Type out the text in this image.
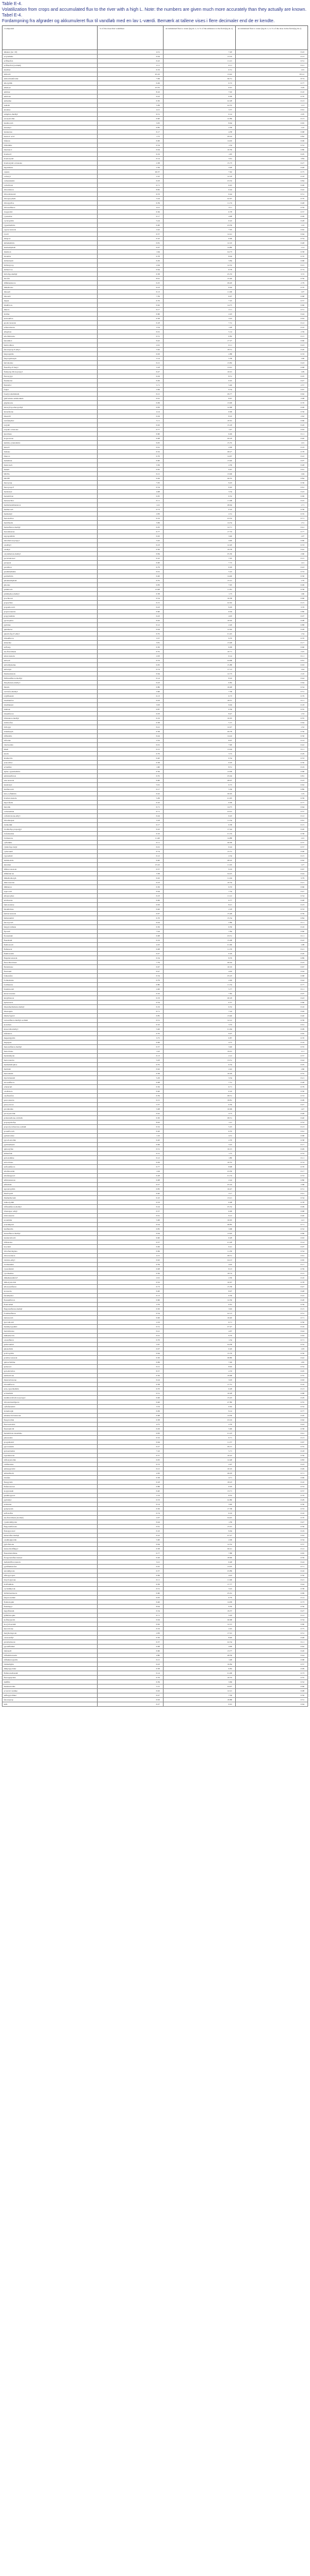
Table E-4.

Volatilization from crops and accumulated flux to the river with a high L. Note: the numbers are given much more accurately than they actually are known.

Tabel E-4.

Fordampning fra afgrøder og akkumuleret flux til vandløb med en lav L-værdi. Bemærk at tallene vises i flere decimaler end de er kendte.

Compound	% of the dose that volatilises	Accumulated flux to water (kg m-1, ca % of the emission to the field (kg m-1)	Accumulated flux to water (kg m-1, ca % of the dose in the field (kg m-1)
alkanes (tec 10)	4.51	7.20	0.22
acrylamide	0.04	13.19	0.13
acifluorfen	0.22	11.21	0.51
acifluorfen (sodium)	2.11	0.11	0.21
alachlor	0.19	0.51	1.01
aldicarb	45.16	13.42	63.12
aldicarbsulfoxide	7.09	26.51	8.74
alloxydim	0.49	0.72	0.77
ametryn	23.35	0.91	3.29
amitraz	8.16	7.02	0.10
amitrole	0.43	0.09	0.70
anilazine	0.50	22.28	0.13
asulam	5.09	22.55	1.13
atrazine	4.21	3.57	0.61
azinphos-methyl	6.31	0.14	2.05
azoxystrobin	0.90	12.89	6.13
bendiocarb	3.05	8.64	0.65
benomyl	0.85	2.58	1.10
bentazone	0.17	4.58	0.68
benzoic acid	1.72	29.24	0.82
bifenox	0.06	14.02	0.06
bifenthrin	0.54	1.34	0.52
bitertanol	0.04	10.59	0.80
bromacil	0.19	1.95	0.05
bromoxynil	0.14	3.61	3.84
bromoxynil octanoate	2.38	15.73	6.27
bupirimate	2.56	3.28	0.48
captan	26.37	7.62	0.75
carbaryl	2.10	12.18	0.18
carbendazim	0.03	23.32	0.84
carbofuran	0.71	6.45	0.06
chloridazon	8.82	0.44	0.42
chlorothalonil	6.53	0.44	0.51
chlorpropham	5.24	22.67	0.70
chlorpyrifos	6.59	11.74	0.48
chlorsulfuron	4.21	3.11	0.59
clopyralid	0.36	0.78	0.37
cyanazine	0.17	4.98	0.09
cycloxydim	5.24	0.22	0.28
cypermethrin	0.00	23.59	1.16
cyproconazole	2.42	7.05	0.62
2,4-D	0.57	12.41	0.64
dalapon	0.10	0.96	0.54
deltamethrin	0.81	12.10	0.48
desmedipham	0.07	14.80	1.14
diazinon	1.64	24.73	0.58
dicamba	0.78	8.04	0.70
dichlobenil	0.29	3.84	0.68
dichlorprop	2.94	12.52	0.01
dichlorvos	0.64	8.78	0.74
diclofop-methyl	0.58	25.53	3.72
dicofol	8.61	15.46	0.56
diflubenzuron	0.25	29.20	2.79
dimethoate	6.23	0.94	0.70
dinoseb	0.13	11.06	1.07
dinoterb	7.59	6.97	0.68
diquat	0.76	7.25	0.57
disulfoton	0.62	14.75	0.66
diuron	9.17	2.11	0.51
dodine	0.66	2.43	0.44
endosulfan	0.58	3.43	0.63
epoxiconazole	0.18	7.31	0.12
esfenvalerate	3.54	1.28	0.10
ethephon	0.01	5.14	2.59
ethofumesate	0.51	0.82	0.15
fenarimol	9.42	17.27	0.60
fenitrothion	2.91	0.11	0.43
fenoxaprop-P-ethyl	5.62	18.31	0.20
fenpropidin	0.63	2.88	0.33
fenpropimorph	2.14	5.58	1.06
fenvalerate	0.21	13.82	0.43
fluazifop-P-butyl	3.18	13.91	0.68
flamprop-M-isopropyl	0.47	16.91	1.09
fluroxypyr	6.04	8.51	0.05
flusilazole	0.49	0.45	0.47
flutriafol	5.71	5.46	2.57
folpet	2.99	9.54	0.67
fosetyl-aluminium	0.21	29.77	0.62
glufosinate-ammonium	0.61	8.67	2.08
glyphosate	0.09	13.00	0.70
haloxyfop-ethoxyethyl	0.83	12.68	0.06
hexazinone	4.14	6.96	0.56
imazalil	0.04	8.10	2.62
iodofenphos	5.11	10.61	0.66
ioxynil	0.02	15.18	0.20
ioxynil octanoate	0.77	1.47	0.63
iprodione	0.60	6.49	0.11
isoproturon	0.08	29.18	0.40
lambda-cyhalothrin	9.95	15.35	1.01
lenacil	0.61	2.09	0.19
lindane	6.32	28.27	0.78
linuron	0.76	14.67	0.22
malathion	0.90	13.40	0.07
mancozeb	3.36	2.39	0.48
maneb	0.65	9.67	0.61
MCPA	0.21	13.06	1.94
MCPB	0.49	26.35	0.84
mecoprop	7.05	9.43	0.36
mecoprop-P	0.54	0.92	0.61
metalaxyl	4.08	3.34	0.43
metamitron	0.95	0.52	0.69
metazachlor	0.11	11.08	0.22
methabenzthiazuron	1.41	28.64	1.71
methiocarb	0.73	0.10	0.58
methomyl	2.83	2.31	0.35
metolachlor	0.19	23.32	0.71
metribuzin	3.69	14.54	1.51
metsulfuron-methyl	0.05	12.71	0.41
monolinuron	0.77	17.53	0.77
napropamide	0.02	3.46	1.07
nitrothal-isopropyl	5.42	4.40	0.60
oxadixyl	0.23	12.20	0.33
oxamyl	0.30	19.78	0.42
oxydemeton-methyl	0.84	25.30	2.60
paclobutrazol	0.10	7.05	0.15
paraquat	0.00	7.72	1.41
parathion	6.79	0.29	0.43
pendimethalin	0.01	5.22	0.53
permethrin	0.46	14.46	0.36
phenmedipham	0.35	15.21	1.70
phorate	0.83	7.95	0.06
pirimicarb	13.48	11.81	0.58
pirimiphos-methyl	0.58	1.73	1.60
prochloraz	0.54	16.38	0.66
propachlor	0.15	22.62	0.15
propamocarb	0.43	9.29	3.76
propiconazole	0.90	6.04	0.80
propyzamide	0.43	4.93	0.07
pyrazophos	6.02	10.02	0.08
pyridate	0.12	2.26	0.88
quinmerac	0.04	12.62	0.28
quizalofop-P-ethyl	0.55	21.45	1.54
rimsulfuron	3.37	9.70	0.70
simazine	3.81	13.48	0.17
sulfotep	0.30	6.09	0.60
tau-fluvalinate	0.55	10.71	2.45
tebuconazole	2.93	0.14	0.11
terbacil	0.53	24.68	0.61
terbuthylazine	0.05	15.88	0.63
terbutryn	0.74	17.13	1.44
thiabendazole	0.64	12.73	2.10
thifensulfuron-methyl	0.14	8.16	0.44
thiophanate-methyl	0.43	6.82	0.64
thiram	0.86	16.48	0.34
tolclofos-methyl	2.96	7.58	0.51
tolylfluanid	0.13	0.73	0.79
triadimefon	0.03	18.57	0.11
triadimenol	3.93	9.94	0.18
triallate	0.87	0.59	0.35
triasulfuron	0.03	8.47	1.53
tribenuron-methyl	0.19	10.05	0.35
trichlorfon	0.58	5.15	0.64
triclopyr	0.41	12.47	1.52
tridemorph	0.58	29.78	0.56
trifluralin	0.44	14.24	0.56
triforine	2.32	8.07	0.14
vinclozolin	0.01	7.90	0.42
zineb	0.15	13.04	0.11
ziram	0.76	3.72	0.29
abamectin	0.40	0.54	0.53
acetochlor	0.58	0.03	0.50
aclonifen	1.60	8.51	0.19
alpha-cypermethrin	0.56	13.09	0.68
amidosulfuron	0.55	25.04	0.81
azaconazole	0.90	28.07	0.23
benalaxyl	5.91	0.72	0.62
benfuracarb	0.17	5.36	0.89
beta-cyfluthrin	0.42	20.05	1.19
bromuconazole	5.09	21.95	0.39
buprofezin	0.10	0.09	0.77
butralin	0.71	14.75	0.64
carbetamide	0.71	23.01	0.37
carfentrazone-ethyl	0.44	0.43	0.12
chlormequat	3.18	11.34	0.61
clethodim	0.17	0.38	0.15
clodinafop-propargyl	9.10	17.44	0.20
clofentezine	0.16	21.33	0.58
clomazone	11.46	14.88	1.01
cyfluthrin	0.11	26.09	0.37
cyhalofop-butyl	0.01	0.24	0.57
cymoxanil	0.74	15.51	0.06
cyprodinil	0.12	2.34	0.15
daminozide	0.40	28.10	0.62
dazomet	15.22	11.02	1.27
difenoconazole	0.57	9.19	0.67
diflufenican	3.38	24.25	0.44
dimethomorph	0.02	11.04	3.79
diniconazole	0.23	10.34	0.21
dithianon	0.36	6.33	0.66
esprocarb	0.04	7.54	0.47
ethoprophos	0.23	11.12	0.54
etridiazole	0.06	0.77	0.48
famoxadone	0.63	8.21	0.23
fenamidone	0.46	2.18	0.33
fenbuconazole	0.97	15.48	0.59
fenhexamid	0.76	15.54	0.84
fenoxycarb	6.44	2.89	0.11
fenpyroximate	0.56	6.56	0.16
fipronil	7.44	7.84	0.60
florasulam	0.08	23.51	0.11
fluazinam	0.19	15.08	0.22
fludioxonil	4.10	21.66	1.08
flufenacet	0.08	11.76	0.21
flumioxazin	0.47	0.29	0.20
fluquinconazole	0.34	8.76	0.89
flurochloridone	7.79	26.44	0.23
flurtamone	0.67	10.19	0.67
flutolanil	0.47	4.63	0.04
fomesafen	0.54	25.23	0.68
formetanate	0.79	2.49	0.44
fosthiazate	0.80	11.54	0.77
furathiocarb	2.00	5.77	0.11
hexaconazole	0.16	7.82	0.07
hexythiazox	0.33	20.18	0.43
hymexazol	0.54	0.57	0.66
imazamethabenz-methyl	0.19	6.52	0.16
imazaquin	6.71	7.24	0.49
imidacloprid	0.85	13.46	0.40
iodosulfuron-methyl-sodium	0.31	12.12	0.39
isoxaben	0.10	3.53	0.61
kresoxim-methyl	5.46	21.64	0.09
lufenuron	0.70	9.07	0.65
mepanipyrim	3.75	0.87	0.70
mepiquat	0.06	4.75	0.19
mesosulfuron-methyl	0.57	3.46	0.55
mesotrione	1.22	19.91	1.11
metaldehyde	0.13	2.12	0.37
metconazole	5.93	13.51	0.44
methamidophos	0.35	6.34	0.05
metiram	0.62	2.42	1.66
metosulam	0.38	16.29	0.55
myclobutanil	5.29	3.34	0.21
nicosulfuron	0.08	7.51	0.28
orbencarb	0.56	6.71	0.79
oxadiazon	0.46	0.16	0.30
oxyfluorfen	6.59	28.51	0.53
penconazole	0.15	18.81	0.09
pencycuron	5.57	6.56	0.47
picolinafen	5.08	10.99	1.47
picoxystrobin	0.42	4.73	0.48
prohexadione-calcium	0.30	28.51	0.40
propaquizafop	8.02	1.21	0.53
propoxycarbazone-sodium	0.52	5.25	0.13
prosulfocarb	0.26	0.35	0.61
pymetrozine	1.16	4.31	0.68
pyraclostrobin	0.20	2.70	0.38
pyrimethanil	0.06	3.22	0.17
quinoxyfen	0.51	16.15	0.49
silthiofam	0.15	1.75	0.53
spiroxamine	0.12	1.80	0.11
sulcotrione	0.29	10.55	0.74
sulfosulfuron	0.77	8.98	0.70
tebufenozide	1.94	23.30	0.17
tebufenpyrad	0.28	21.74	0.53
teflubenzuron	0.08	2.24	0.86
tefluthrin	0.27	25.24	2.68
tepraloxydim	0.85	16.47	0.51
thiacloprid	6.40	3.17	0.41
thiamethoxam	0.10	13.21	0.34
tralkoxydim	0.33	0.08	0.78
triflusulfuron-methyl	0.24	25.52	0.09
trinexapac-ethyl	0.37	6.96	0.68
triticonazole	0.61	9.12	0.40
zoxamide	5.06	10.95	1.21
acetamiprid	0.24	28.85	0.71
benfluralin	0.85	3.68	0.52
bensulfuron-methyl	0.04	13.92	0.66
bentiavalicarb	6.60	0.28	0.63
bifenazate	0.37	21.28	0.14
boscalid	0.06	0.41	0.07
chlorfenvinphos	0.69	11.30	0.54
chlorotoluron	4.15	28.51	0.61
cinidon-ethyl	0.92	24.13	0.65
clothianidin	0.59	4.02	0.17
cyazofamid	0.08	8.13	0.59
cyromazine	0.56	18.74	0.15
dimethenamid-P	2.91	2.30	0.10
dimoxystrobin	0.52	10.67	0.78
ethoxysulfuron	0.73	15.58	0.47
etoxazole	9.00	8.97	0.48
fenamiphos	0.13	6.39	0.22
flazasulfuron	0.66	12.56	0.26
flonicamid	3.76	0.61	0.59
flupyrsulfuron-methyl	0.30	3.92	0.15
foramsulfuron	0.54	22.13	0.31
indoxacarb	0.06	16.40	0.71
iprovalicarb	2.19	6.71	0.56
mandipropamid	0.31	27.47	0.16
metrafenone	0.41	4.67	0.44
milbemectin	0.01	9.76	0.63
oxasulfuron	0.76	1.34	0.71
pethoxamid	5.67	24.38	0.32
phenothrin	0.07	0.20	1.03
profoxydim	0.64	15.76	0.56
prothioconazole	0.30	28.80	0.42
quinoclamine	0.69	7.49	1.65
spinosad	0.21	8.92	0.52
spirodiclofen	8.57	2.33	0.05
tembotrione	0.56	19.68	0.35
thiencarbazone	0.24	3.03	0.63
tritosulfuron	0.58	17.51	0.16
zeta-cypermethrin	6.70	6.28	0.13
acrinathrin	0.31	10.28	0.68
benthiavalicarb-isopropyl	0.06	15.43	0.29
chlorantraniliprole	0.46	27.80	0.55
cyflufenamid	3.33	0.62	0.52
dodemorph	0.09	9.14	0.77
emamectin benzoate	0.68	14.36	0.20
fluopicolide	0.38	23.19	0.62
fluoxastrobin	4.75	2.76	0.43
flutolanil-M	0.29	5.90	0.58
metamitron-desamino	0.83	21.23	0.41
pinoxaden	0.52	0.71	0.13
proquinazid	0.64	11.37	0.67
pyroxsulam	0.27	29.15	0.55
spirotetramat	7.16	5.71	0.18
topramezone	0.57	16.22	0.36
trifloxystrobin	0.05	12.48	0.83
valifenalate	0.72	2.97	0.23
aminopyralid	0.21	10.10	0.49
amisulbrom	4.30	26.03	0.71
bixafen	0.58	4.71	0.69
fluopyram	0.18	18.23	0.10
flufenoxuron	0.88	0.93	0.53
isopyrazam	0.40	13.71	0.57
penthiopyrad	5.53	8.35	0.76
pyridalyl	0.53	22.80	0.29
sedaxane	0.14	3.40	0.50
spinetoram	0.36	17.38	0.53
sulfoxaflor	0.74	6.19	0.16
tau-fluvalinate (isomer)	2.07	24.45	0.70
cyantraniliprole	0.44	1.39	0.47
flupyradifurone	0.61	15.91	0.56
fluxapyroxad	0.16	9.64	0.19
halauxifen-methyl	0.22	27.27	0.63
oxathiapiprolin	5.00	2.09	0.34
pyriofenone	0.64	12.52	0.57
benzovindiflupyr	0.38	20.41	0.12
fluazaindolizine	0.77	7.88	0.65
florpyrauxifen-benzyl	0.26	18.66	0.59
mefentrifluconazole	3.21	0.48	0.24
pydiflumetofen	0.45	13.05	0.71
tetraniliprole	0.57	23.89	0.16
afidopyropen	0.69	4.43	0.50
bicyclopyrone	0.11	11.96	0.21
broflanilide	6.36	17.77	0.44
cyclaniliprole	0.31	3.22	0.38
dichlobentiazox	0.60	25.61	0.69
fenpicoxamid	0.05	0.79	0.14
flometoquin	0.46	14.09	0.73
fluindapyr	8.94	9.50	0.56
inpyrfluxam	0.34	19.37	0.27
ipflufenoquin	0.71	5.93	0.12
isoflucypram	0.04	26.68	0.54
isocycloseram	0.62	12.15	0.60
lancotrione	0.19	2.45	0.75
metyltetraprole	2.83	17.91	0.31
oxazosulfyl	0.50	8.46	0.48
picarbutrazox	0.37	22.34	0.11
pyraziflumid	0.08	4.96	0.62
tiafenacil	0.66	13.77	0.20
trifludimoxazin	4.80	28.59	0.44
triflumezopyrim	0.21	1.48	0.68
cinmethylin	0.43	16.84	0.57
dimpropyridaz	0.58	6.82	0.09
flufenoxadiazam	0.14	21.06	0.73
fluoxapiprolin	0.76	10.33	0.35
indiflin	0.39	3.69	0.52
mandestrobin	5.15	24.97	0.66
ecotoxic residue	0.02	12.21	0.08
tetflupyrolimet	0.47	7.36	0.56
fenoxaprop	0.63	18.88	0.31
sum	0.27	0.91	0.64
